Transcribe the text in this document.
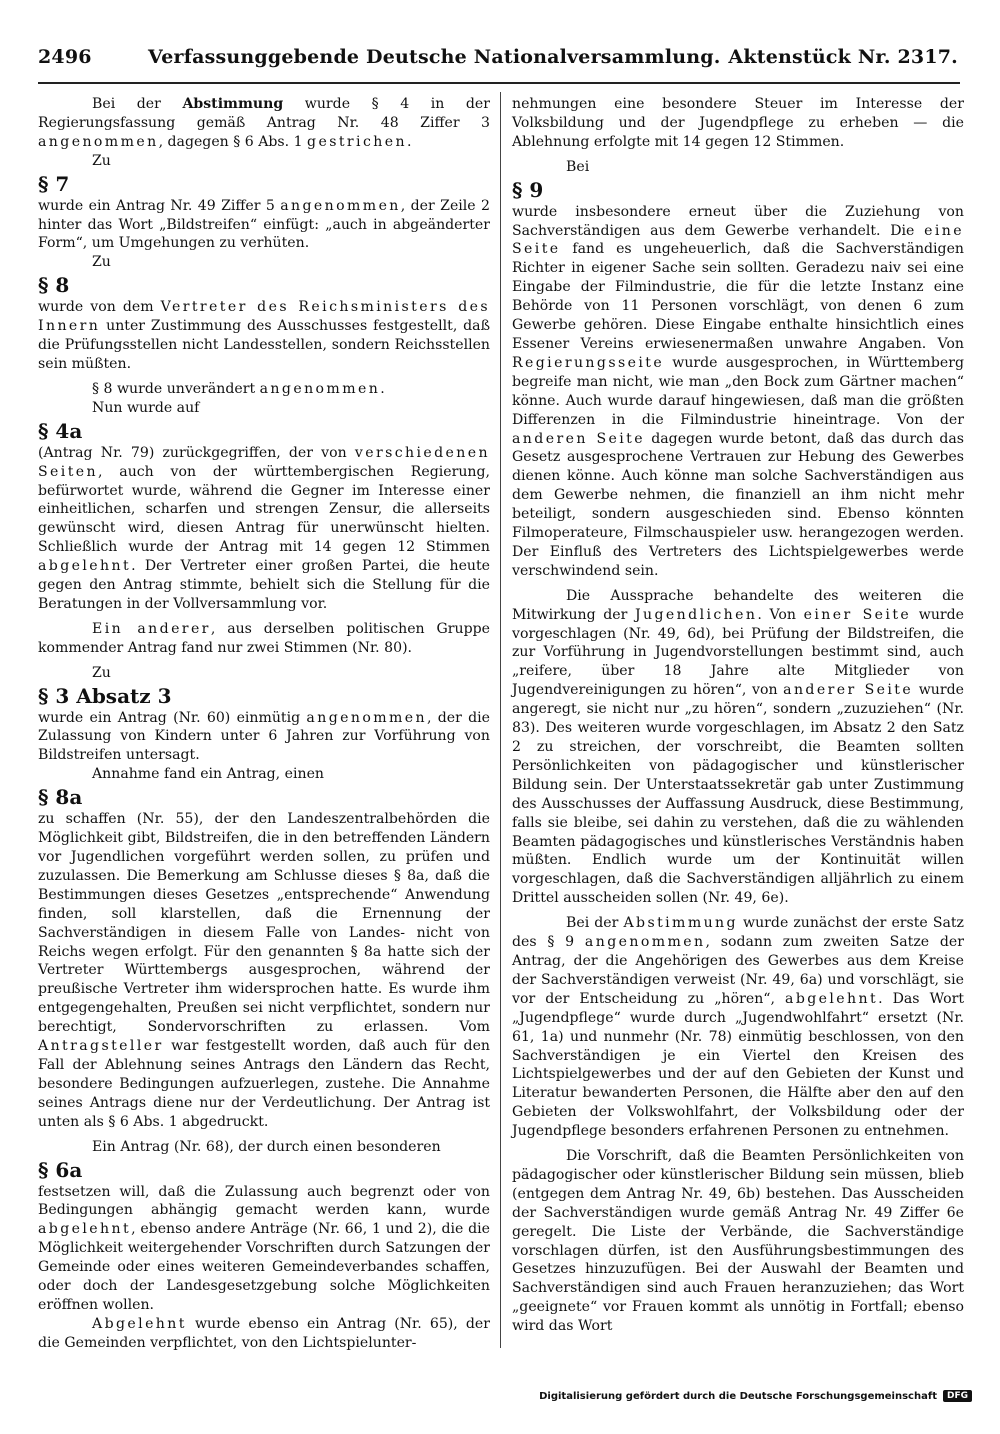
2496	Verfassunggebende Deutsche Nationalversammlung. Aktenstück Nr. 2317.

Bei der Abstimmung wurde § 4 in der Regierungsfassung gemäß Antrag Nr. 48 Ziffer 3 angenommen, dagegen § 6 Abs. 1 gestrichen.

Zu

§ 7

wurde ein Antrag Nr. 49 Ziffer 5 angenommen, der Zeile 2 hinter das Wort „Bildstreifen“ einfügt: „auch in abgeänderter Form“, um Umgehungen zu verhüten.

Zu

§ 8

wurde von dem Vertreter des Reichsministers des Innern unter Zustimmung des Ausschusses festgestellt, daß die Prüfungsstellen nicht Landesstellen, sondern Reichsstellen sein müßten.

§ 8 wurde unverändert angenommen.

Nun wurde auf

§ 4a

(Antrag Nr. 79) zurückgegriffen, der von verschiedenen Seiten, auch von der württembergischen Regierung, befürwortet wurde, während die Gegner im Interesse einer einheitlichen, scharfen und strengen Zensur, die allerseits gewünscht wird, diesen Antrag für unerwünscht hielten. Schließlich wurde der Antrag mit 14 gegen 12 Stimmen abgelehnt. Der Vertreter einer großen Partei, die heute gegen den Antrag stimmte, behielt sich die Stellung für die Beratungen in der Vollversammlung vor.

Ein anderer, aus derselben politischen Gruppe kommender Antrag fand nur zwei Stimmen (Nr. 80).

Zu

§ 3 Absatz 3

wurde ein Antrag (Nr. 60) einmütig angenommen, der die Zulassung von Kindern unter 6 Jahren zur Vorführung von Bildstreifen untersagt.

Annahme fand ein Antrag, einen

§ 8a

zu schaffen (Nr. 55), der den Landeszentralbehörden die Möglichkeit gibt, Bildstreifen, die in den betreffenden Ländern vor Jugendlichen vorgeführt werden sollen, zu prüfen und zuzulassen. Die Bemerkung am Schlusse dieses § 8a, daß die Bestimmungen dieses Gesetzes „entsprechende“ Anwendung finden, soll klarstellen, daß die Ernennung der Sachverständigen in diesem Falle von Landes- nicht von Reichs wegen erfolgt. Für den genannten § 8a hatte sich der Vertreter Württembergs ausgesprochen, während der preußische Vertreter ihm widersprochen hatte. Es wurde ihm entgegengehalten, Preußen sei nicht verpflichtet, sondern nur berechtigt, Sondervorschriften zu erlassen. Vom Antragsteller war festgestellt worden, daß auch für den Fall der Ablehnung seines Antrags den Ländern das Recht, besondere Bedingungen aufzuerlegen, zustehe. Die Annahme seines Antrags diene nur der Verdeutlichung. Der Antrag ist unten als § 6 Abs. 1 abgedruckt.

Ein Antrag (Nr. 68), der durch einen besonderen

§ 6a

festsetzen will, daß die Zulassung auch begrenzt oder von Bedingungen abhängig gemacht werden kann, wurde abgelehnt, ebenso andere Anträge (Nr. 66, 1 und 2), die die Möglichkeit weitergehender Vorschriften durch Satzungen der Gemeinde oder eines weiteren Gemeindeverbandes schaffen, oder doch der Landesgesetzgebung solche Möglichkeiten eröffnen wollen.

Abgelehnt wurde ebenso ein Antrag (Nr. 65), der die Gemeinden verpflichtet, von den Lichtspielunter-

nehmungen eine besondere Steuer im Interesse der Volksbildung und der Jugendpflege zu erheben — die Ablehnung erfolgte mit 14 gegen 12 Stimmen.

Bei

§ 9

wurde insbesondere erneut über die Zuziehung von Sachverständigen aus dem Gewerbe verhandelt. Die eine Seite fand es ungeheuerlich, daß die Sachverständigen Richter in eigener Sache sein sollten. Geradezu naiv sei eine Eingabe der Filmindustrie, die für die letzte Instanz eine Behörde von 11 Personen vorschlägt, von denen 6 zum Gewerbe gehören. Diese Eingabe enthalte hinsichtlich eines Essener Vereins erwiesenermaßen unwahre Angaben. Von Regierungsseite wurde ausgesprochen, in Württemberg begreife man nicht, wie man „den Bock zum Gärtner machen“ könne. Auch wurde darauf hingewiesen, daß man die größten Differenzen in die Filmindustrie hineintrage. Von der anderen Seite dagegen wurde betont, daß das durch das Gesetz ausgesprochene Vertrauen zur Hebung des Gewerbes dienen könne. Auch könne man solche Sachverständigen aus dem Gewerbe nehmen, die finanziell an ihm nicht mehr beteiligt, sondern ausgeschieden sind. Ebenso könnten Filmoperateure, Filmschauspieler usw. herangezogen werden. Der Einfluß des Vertreters des Lichtspielgewerbes werde verschwindend sein.

Die Aussprache behandelte des weiteren die Mitwirkung der Jugendlichen. Von einer Seite wurde vorgeschlagen (Nr. 49, 6d), bei Prüfung der Bildstreifen, die zur Vorführung in Jugendvorstellungen bestimmt sind, auch „reifere, über 18 Jahre alte Mitglieder von Jugendvereinigungen zu hören“, von anderer Seite wurde angeregt, sie nicht nur „zu hören“, sondern „zuzuziehen“ (Nr. 83). Des weiteren wurde vorgeschlagen, im Absatz 2 den Satz 2 zu streichen, der vorschreibt, die Beamten sollten Persönlichkeiten von pädagogischer und künstlerischer Bildung sein. Der Unterstaatssekretär gab unter Zustimmung des Ausschusses der Auffassung Ausdruck, diese Bestimmung, falls sie bleibe, sei dahin zu verstehen, daß die zu wählenden Beamten pädagogisches und künstlerisches Verständnis haben müßten. Endlich wurde um der Kontinuität willen vorgeschlagen, daß die Sachverständigen alljährlich zu einem Drittel ausscheiden sollen (Nr. 49, 6e).

Bei der Abstimmung wurde zunächst der erste Satz des § 9 angenommen, sodann zum zweiten Satze der Antrag, der die Angehörigen des Gewerbes aus dem Kreise der Sachverständigen verweist (Nr. 49, 6a) und vorschlägt, sie vor der Entscheidung zu „hören“, abgelehnt. Das Wort „Jugendpflege“ wurde durch „Jugendwohlfahrt“ ersetzt (Nr. 61, 1a) und nunmehr (Nr. 78) einmütig beschlossen, von den Sachverständigen je ein Viertel den Kreisen des Lichtspielgewerbes und der auf den Gebieten der Kunst und Literatur bewanderten Personen, die Hälfte aber den auf den Gebieten der Volkswohlfahrt, der Volksbildung oder der Jugendpflege besonders erfahrenen Personen zu entnehmen.

Die Vorschrift, daß die Beamten Persönlichkeiten von pädagogischer oder künstlerischer Bildung sein müssen, blieb (entgegen dem Antrag Nr. 49, 6b) bestehen. Das Ausscheiden der Sachverständigen wurde gemäß Antrag Nr. 49 Ziffer 6e geregelt. Die Liste der Verbände, die Sachverständige vorschlagen dürfen, ist den Ausführungsbestimmungen des Gesetzes hinzuzufügen. Bei der Auswahl der Beamten und Sachverständigen sind auch Frauen heranzuziehen; das Wort „geeignete“ vor Frauen kommt als unnötig in Fortfall; ebenso wird das Wort

Digitalisierung gefördert durch die Deutsche Forschungsgemeinschaft	DFG
